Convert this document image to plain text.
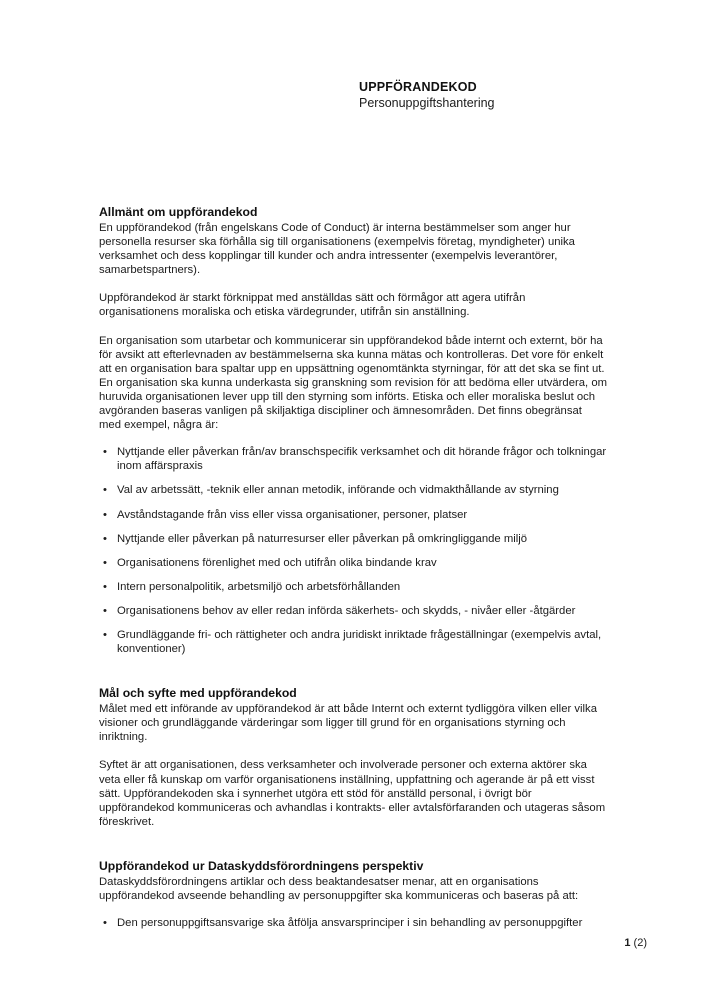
UPPFÖRANDEKOD
Personuppgiftshantering
Allmänt om uppförandekod

En uppförandekod (från engelskans Code of Conduct) är interna bestämmelser som anger hur personella resurser ska förhålla sig till organisationens (exempelvis företag, myndigheter) unika verksamhet och dess kopplingar till kunder och andra intressenter (exempelvis leverantörer, samarbetspartners).

Uppförandekod är starkt förknippat med anställdas sätt och förmågor att agera utifrån organisationens moraliska och etiska värdegrunder, utifrån sin anställning.

En organisation som utarbetar och kommunicerar sin uppförandekod både internt och externt, bör ha för avsikt att efterlevnaden av bestämmelserna ska kunna mätas och kontrolleras. Det vore för enkelt att en organisation bara spaltar upp en uppsättning ogenomtänkta styrningar, för att det ska se fint ut. En organisation ska kunna underkasta sig granskning som revision för att bedöma eller utvärdera, om huruvida organisationen lever upp till den styrning som införts. Etiska och eller moraliska beslut och avgöranden baseras vanligen på skiljaktiga discipliner och ämnesområden. Det finns obegränsat med exempel, några är:

• Nyttjande eller påverkan från/av branschspecifik verksamhet och dit hörande frågor och tolkningar inom affärspraxis
• Val av arbetssätt, -teknik eller annan metodik, införande och vidmakthållande av styrning
• Avståndstagande från viss eller vissa organisationer, personer, platser
• Nyttjande eller påverkan på naturresurser eller påverkan på omkringliggande miljö
• Organisationens förenlighet med och utifrån olika bindande krav
• Intern personalpolitik, arbetsmiljö och arbetsförhållanden
• Organisationens behov av eller redan införda säkerhets- och skydds, - nivåer eller -åtgärder
• Grundläggande fri- och rättigheter och andra juridiskt inriktade frågeställningar (exempelvis avtal, konventioner)
Mål och syfte med uppförandekod

Målet med ett införande av uppförandekod är att både Internt och externt tydliggöra vilken eller vilka visioner och grundläggande värderingar som ligger till grund för en organisations styrning och inriktning.

Syftet är att organisationen, dess verksamheter och involverade personer och externa aktörer ska veta eller få kunskap om varför organisationens inställning, uppfattning och agerande är på ett visst sätt. Uppförandekoden ska i synnerhet utgöra ett stöd för anställd personal, i övrigt bör uppförandekod kommuniceras och avhandlas i kontrakts- eller avtalsförfaranden och utageras såsom föreskrivet.

Uppförandekod ur Dataskyddsförordningens perspektiv

Dataskyddsförordningens artiklar och dess beaktandesatser menar, att en organisations uppförandekod avseende behandling av personuppgifter ska kommuniceras och baseras på att:

• Den personuppgiftsansvarige ska åtfölja ansvarsprinciper i sin behandling av personuppgifter
1 (2)
